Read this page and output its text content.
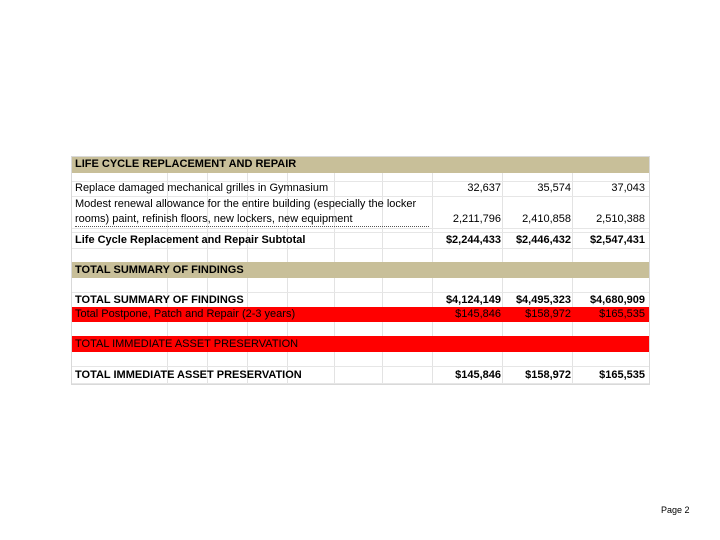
LIFE CYCLE REPLACEMENT AND REPAIR
Replace damaged mechanical grilles in Gymnasium	32,637	35,574	37,043
Modest renewal allowance for the entire building (especially the locker
rooms) paint, refinish floors, new lockers, new equipment	2,211,796 2,410,858 2,510,388
Life Cycle Replacement and Repair Subtotal	$2,244,433 $2,446,432 $2,547,431
TOTAL SUMMARY OF FINDINGS
TOTAL SUMMARY OF FINDINGS	$4,124,149 $4,495,323 $4,680,909
Total Postpone, Patch and Repair (2-3 years)	$145,846 $158,972	$165,535
TOTAL IMMEDIATE ASSET PRESERVATION
TOTAL IMMEDIATE ASSET PRESERVATION	$145,846 $158,972	$165,535
Page 2
